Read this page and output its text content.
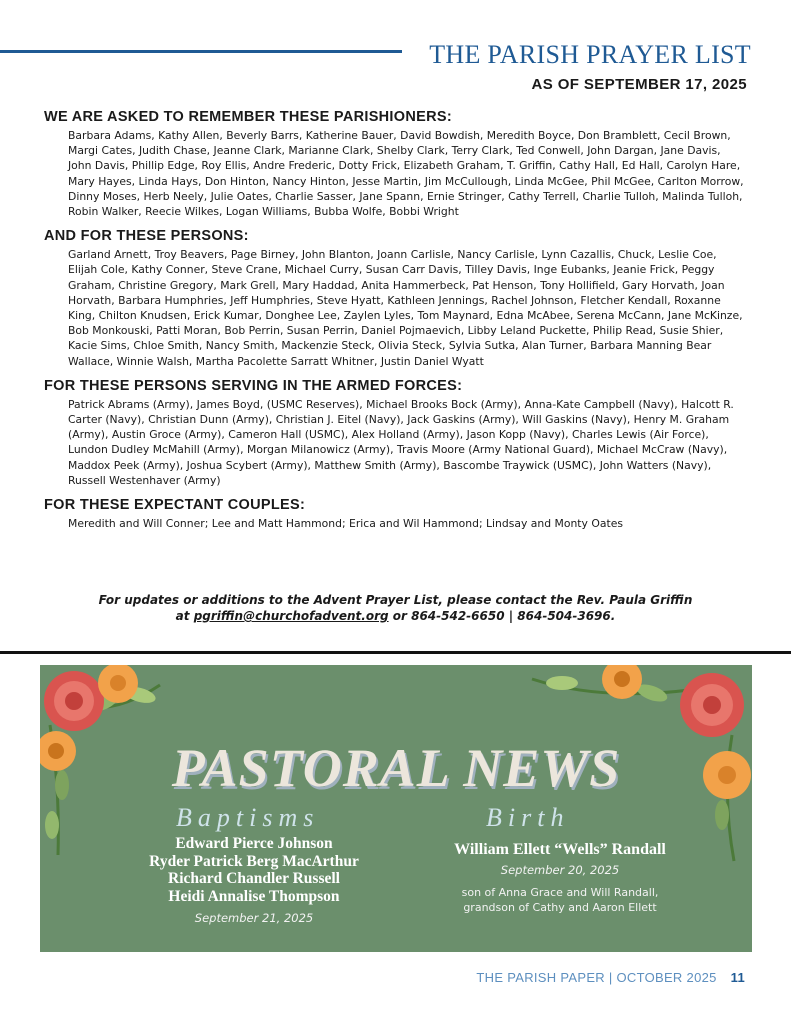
THE PARISH PRAYER LIST
AS OF SEPTEMBER 17, 2025
WE ARE ASKED TO REMEMBER THESE PARISHIONERS:
Barbara Adams, Kathy Allen, Beverly Barrs, Katherine Bauer, David Bowdish, Meredith Boyce, Don Bramblett, Cecil Brown, Margi Cates, Judith Chase, Jeanne Clark, Marianne Clark, Shelby Clark, Terry Clark, Ted Conwell, John Dargan, Jane Davis, John Davis, Phillip Edge, Roy Ellis, Andre Frederic, Dotty Frick, Elizabeth Graham, T. Griffin, Cathy Hall, Ed Hall, Carolyn Hare, Mary Hayes, Linda Hays, Don Hinton, Nancy Hinton, Jesse Martin, Jim McCullough, Linda McGee, Phil McGee, Carlton Morrow, Dinny Moses, Herb Neely, Julie Oates, Charlie Sasser, Jane Spann, Ernie Stringer, Cathy Terrell, Charlie Tulloh, Malinda Tulloh, Robin Walker, Reecie Wilkes, Logan Williams, Bubba Wolfe, Bobbi Wright
AND FOR THESE PERSONS:
Garland Arnett, Troy Beavers, Page Birney, John Blanton, Joann Carlisle, Nancy Carlisle, Lynn Cazallis, Chuck, Leslie Coe, Elijah Cole, Kathy Conner, Steve Crane, Michael Curry, Susan Carr Davis, Tilley Davis, Inge Eubanks, Jeanie Frick, Peggy Graham, Christine Gregory, Mark Grell, Mary Haddad, Anita Hammerbeck, Pat Henson, Tony Hollifield, Gary Horvath, Joan Horvath, Barbara Humphries, Jeff Humphries, Steve Hyatt, Kathleen Jennings, Rachel Johnson, Fletcher Kendall, Roxanne King, Chilton Knudsen, Erick Kumar, Donghee Lee, Zaylen Lyles, Tom Maynard, Edna McAbee, Serena McCann, Jane McKinze, Bob Monkouski, Patti Moran, Bob Perrin, Susan Perrin, Daniel Pojmaevich, Libby Leland Puckette, Philip Read, Susie Shier, Kacie Sims, Chloe Smith, Nancy Smith, Mackenzie Steck, Olivia Steck, Sylvia Sutka, Alan Turner, Barbara Manning Bear Wallace, Winnie Walsh, Martha Pacolette Sarratt Whitner, Justin Daniel Wyatt
FOR THESE PERSONS SERVING IN THE ARMED FORCES:
Patrick Abrams (Army), James Boyd, (USMC Reserves), Michael Brooks Bock (Army), Anna-Kate Campbell (Navy), Halcott R. Carter (Navy), Christian Dunn (Army), Christian J. Eitel (Navy), Jack Gaskins (Army), Will Gaskins (Navy), Henry M. Graham (Army), Austin Groce (Army), Cameron Hall (USMC), Alex Holland (Army), Jason Kopp (Navy), Charles Lewis (Air Force), Lundon Dudley McMahill (Army), Morgan Milanowicz (Army), Travis Moore (Army National Guard), Michael McCraw (Navy), Maddox Peek (Army), Joshua Scybert (Army), Matthew Smith (Army), Bascombe Traywick (USMC), John Watters (Navy), Russell Westenhaver (Army)
FOR THESE EXPECTANT COUPLES:
Meredith and Will Conner; Lee and Matt Hammond; Erica and Wil Hammond; Lindsay and Monty Oates
For updates or additions to the Advent Prayer List, please contact the Rev. Paula Griffin
at pgriffin@churchofadvent.org or 864-542-6650 | 864-504-3696.
PASTORAL NEWS
Baptisms	Birth
Edward Pierce Johnson
Ryder Patrick Berg MacArthur
Richard Chandler Russell
Heidi Annalise Thompson
September 21, 2025
William Ellett “Wells” Randall
September 20, 2025
son of Anna Grace and Will Randall,
grandson of Cathy and Aaron Ellett
THE PARISH PAPER | OCTOBER 2025 11
